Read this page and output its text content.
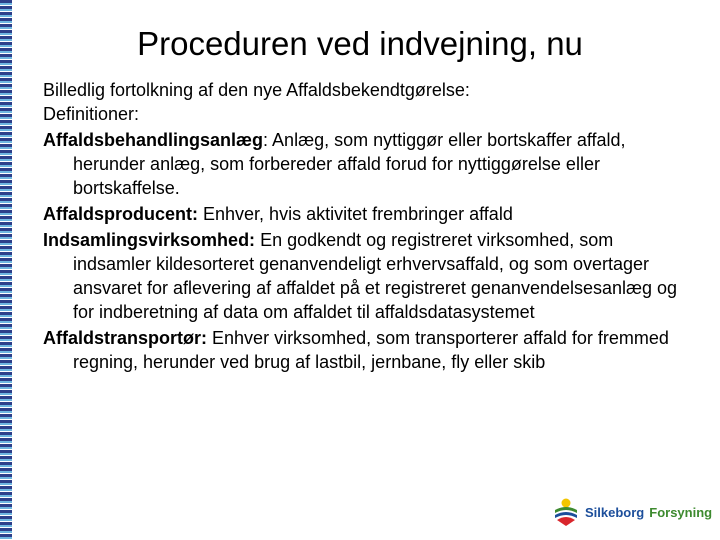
Proceduren ved indvejning, nu

Billedlig fortolkning af den nye Affaldsbekendtgørelse:

Definitioner:

Affaldsbehandlingsanlæg: Anlæg, som nyttiggør eller bortskaffer affald, herunder anlæg, som forbereder affald forud for nyttiggørelse eller bortskaffelse.

Affaldsproducent: Enhver, hvis aktivitet frembringer affald

Indsamlingsvirksomhed: En godkendt og registreret virksomhed, som indsamler kildesorteret genanvendeligt erhvervsaffald, og som overtager ansvaret for aflevering af affaldet på et registreret genanvendelsesanlæg og for indberetning af data om affaldet til affaldsdatasystemet

Affaldstransportør: Enhver virksomhed, som transporterer affald for fremmed regning, herunder ved brug af lastbil, jernbane, fly eller skib

Silkeborg Forsyning
